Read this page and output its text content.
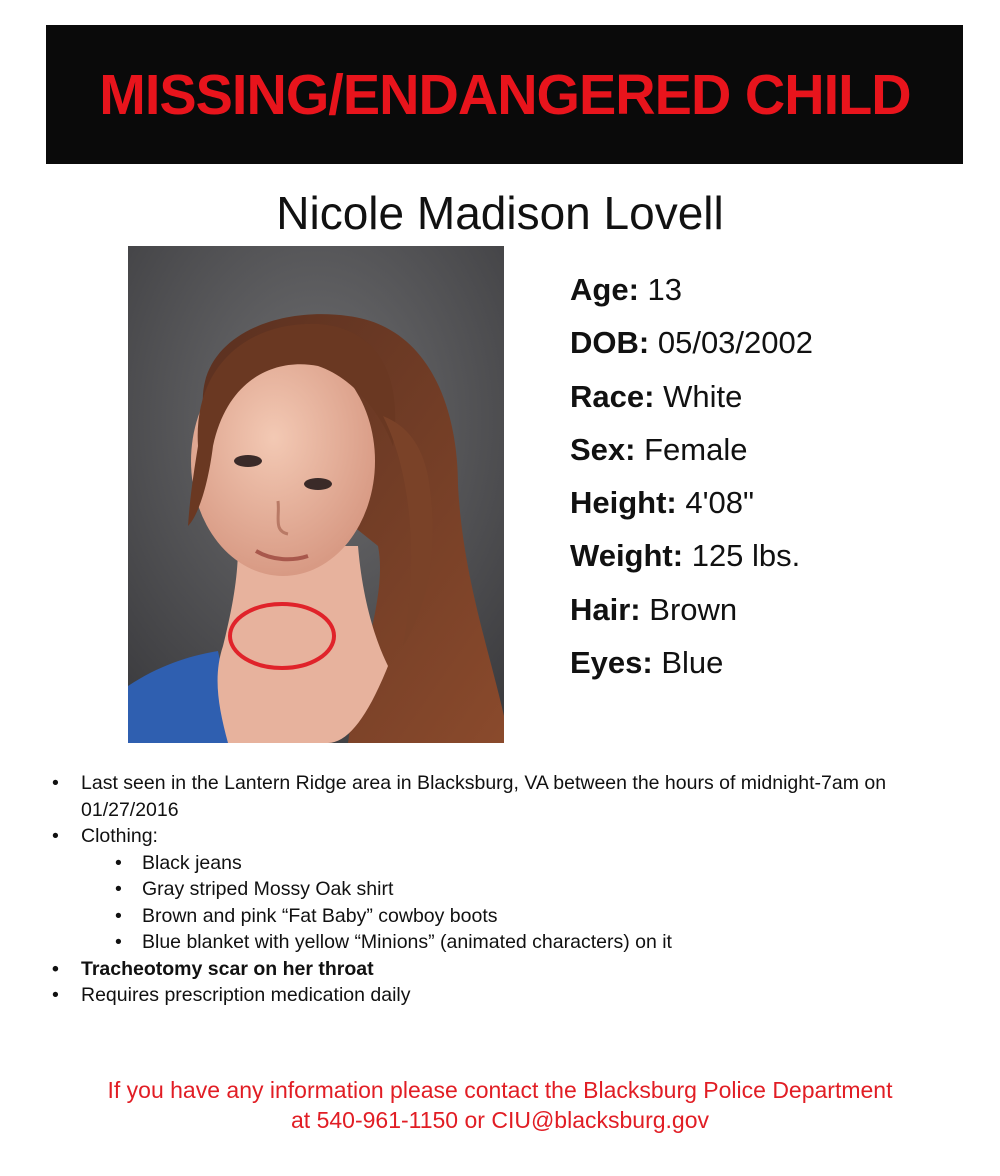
MISSING/ENDANGERED CHILD
Nicole Madison Lovell
Age: 13
DOB: 05/03/2002
Race: White
Sex: Female
Height: 4'08"
Weight: 125 lbs.
Hair: Brown
Eyes: Blue
• Last seen in the Lantern Ridge area in Blacksburg, VA between the hours of midnight-7am on 01/27/2016
• Clothing:
• Black jeans
• Gray striped Mossy Oak shirt
• Brown and pink “Fat Baby” cowboy boots
• Blue blanket with yellow “Minions” (animated characters) on it
• Tracheotomy scar on her throat
• Requires prescription medication daily
If you have any information please contact the Blacksburg Police Department
at 540-961-1150 or CIU@blacksburg.gov
